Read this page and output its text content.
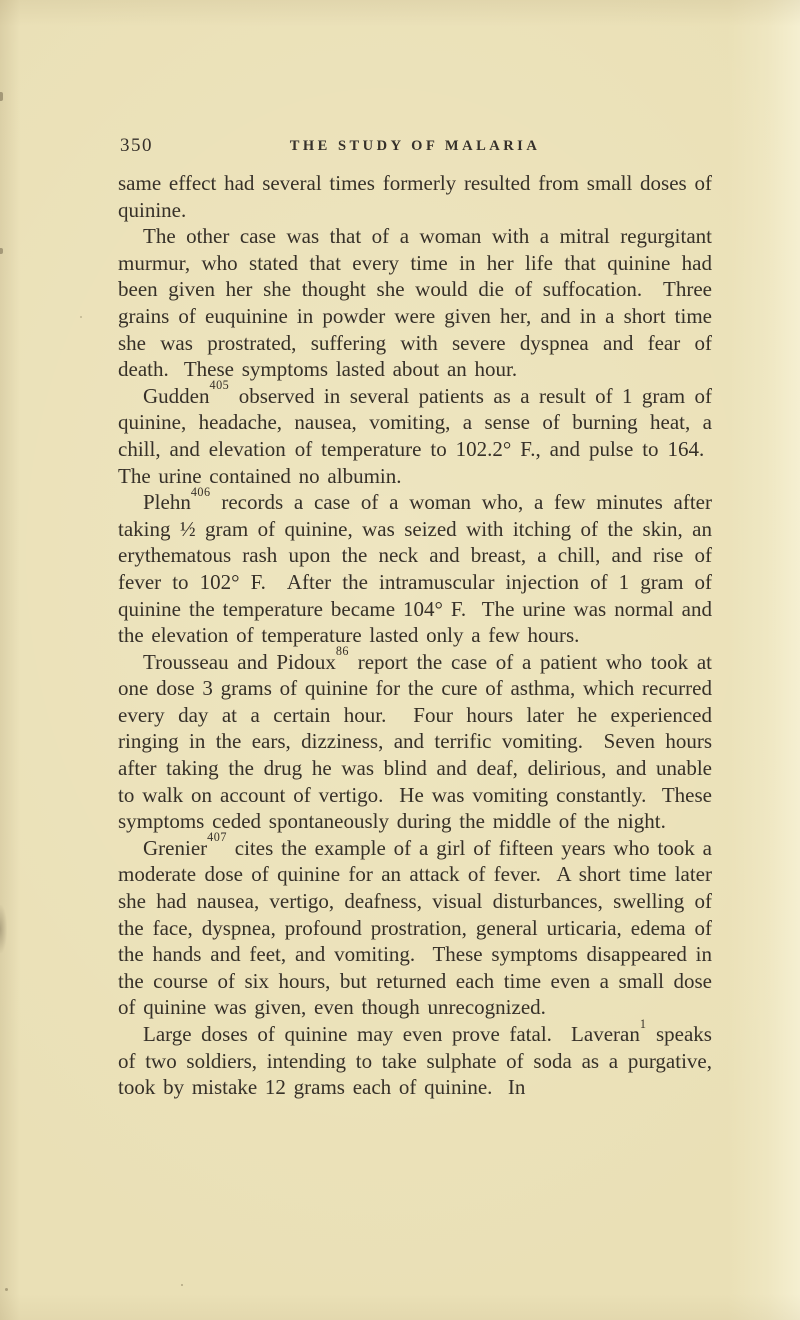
350	THE STUDY OF MALARIA

same effect had several times formerly resulted from small doses of quinine.

The other case was that of a woman with a mitral regurgitant murmur, who stated that every time in her life that quinine had been given her she thought she would die of suffocation.  Three grains of euquinine in powder were given her, and in a short time she was prostrated, suffering with severe dyspnea and fear of death.  These symptoms lasted about an hour.

Gudden$^{405}$ observed in several patients as a result of 1 gram of quinine, headache, nausea, vomiting, a sense of burning heat, a chill, and elevation of temperature to 102.2° F., and pulse to 164.  The urine contained no albumin.

Plehn$^{406}$ records a case of a woman who, a few minutes after taking ½ gram of quinine, was seized with itching of the skin, an erythematous rash upon the neck and breast, a chill, and rise of fever to 102° F.  After the intramuscular injection of 1 gram of quinine the temperature became 104° F.  The urine was normal and the elevation of temperature lasted only a few hours.

Trousseau and Pidoux$^{86}$ report the case of a patient who took at one dose 3 grams of quinine for the cure of asthma, which recurred every day at a certain hour.  Four hours later he experienced ringing in the ears, dizziness, and terrific vomiting.  Seven hours after taking the drug he was blind and deaf, delirious, and unable to walk on account of vertigo.  He was vomiting constantly.  These symptoms ceded spontaneously during the middle of the night.

Grenier$^{407}$ cites the example of a girl of fifteen years who took a moderate dose of quinine for an attack of fever.  A short time later she had nausea, vertigo, deafness, visual disturbances, swelling of the face, dyspnea, profound prostration, general urticaria, edema of the hands and feet, and vomiting.  These symptoms disappeared in the course of six hours, but returned each time even a small dose of quinine was given, even though unrecognized.

Large doses of quinine may even prove fatal.  Laveran$^1$ speaks of two soldiers, intending to take sulphate of soda as a purgative, took by mistake 12 grams each of quinine.  In
